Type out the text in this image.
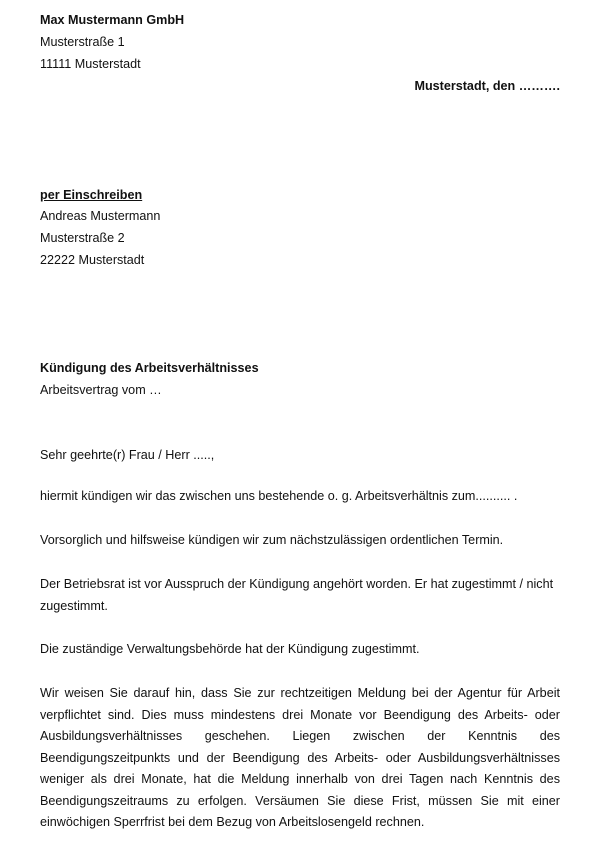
Max Mustermann GmbH
Musterstraße 1
11111 Musterstadt
Musterstadt, den ……….
per Einschreiben
Andreas Mustermann
Musterstraße 2
22222 Musterstadt
Kündigung des Arbeitsverhältnisses
Arbeitsvertrag vom …
Sehr geehrte(r) Frau / Herr .....,
hiermit kündigen wir das zwischen uns bestehende o. g. Arbeitsverhältnis zum.......... .
Vorsorglich und hilfsweise kündigen wir zum nächstzulässigen ordentlichen Termin.
Der Betriebsrat ist vor Ausspruch der Kündigung angehört worden. Er hat zugestimmt / nicht zugestimmt.
Die zuständige Verwaltungsbehörde hat der Kündigung zugestimmt.
Wir weisen Sie darauf hin, dass Sie zur rechtzeitigen Meldung bei der Agentur für Arbeit verpflichtet sind. Dies muss mindestens drei Monate vor Beendigung des Arbeits- oder Ausbildungsverhältnisses geschehen. Liegen zwischen der Kenntnis des Beendigungszeitpunkts und der Beendigung des Arbeits- oder Ausbildungsverhältnisses weniger als drei Monate, hat die Meldung innerhalb von drei Tagen nach Kenntnis des Beendigungszeitraums zu erfolgen. Versäumen Sie diese Frist, müssen Sie mit einer einwöchigen Sperrfrist bei dem Bezug von Arbeitslosengeld rechnen.
